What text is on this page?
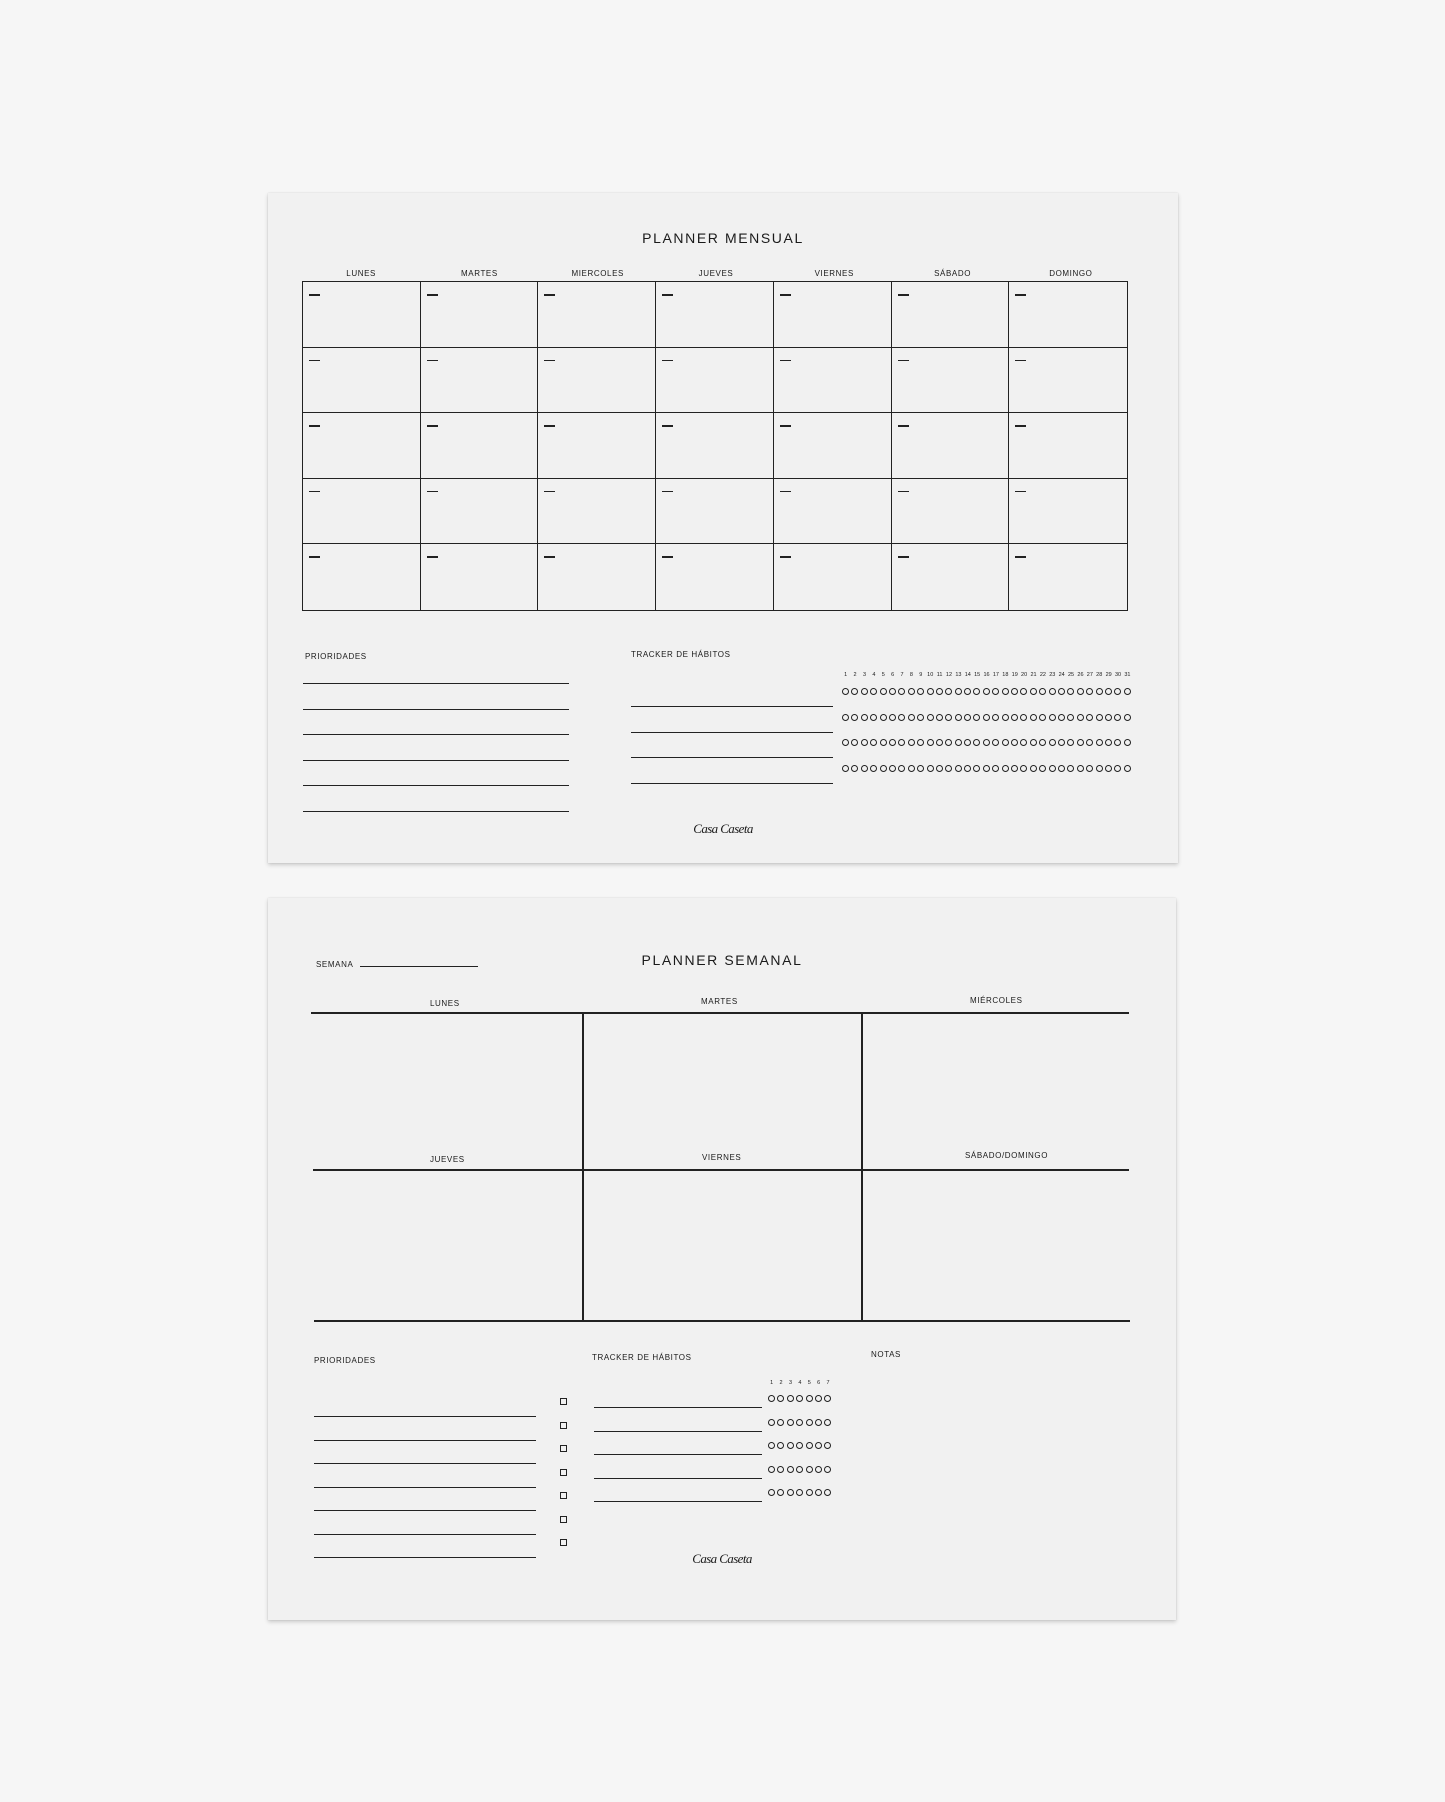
PLANNER MENSUAL
LUNES	MARTES	MIERCOLES	JUEVES	VIERNES	SÁBADO	DOMINGO
PRIORIDADES	TRACKER DE HÁBITOS
1	2	3	4	5	6	7	8	9 10 11 12 13 14 15 16 17 18 19 20 21 22 23 24 25 26 27 28 29 30 31
Casa Caseta
SEMANA	PLANNER SEMANAL
LUNES	MARTES	MIÉRCOLES
JUEVES	VIERNES	SÁBADO/DOMINGO
PRIORIDADES	TRACKER DE HÁBITOS
1	2	3	4	5	6	7
NOTAS
Casa Caseta
